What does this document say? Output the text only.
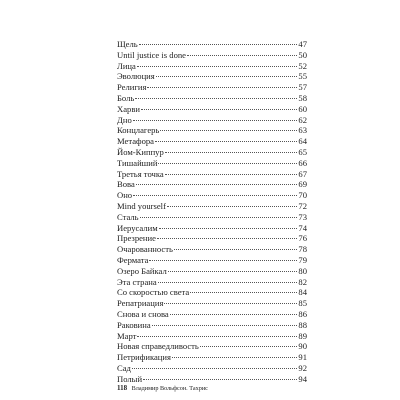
Щель	47
Until justice is done	50
Лица	52
Эволюция	55
Религия	57
Боль	58
Харви	60
Дно	62
Концлагерь	63
Метафора	64
Йом-Киппур	65
Тишайший	66
Третья точка	67
Вова	69
Оно	70
Mind yourself	72
Сталь	73
Иерусалим	74
Презрение	76
Очарованность	78
Фермата	79
Озеро Байкал	80
Эта страна	82
Со скоростью света	84
Репатриация	85
Снова и снова	86
Раковина	88
Март	89
Новая справедливость	90
Петрификация	91
Сад	92
Полый	94
118 Владимир Вольфсон. Тахрис
